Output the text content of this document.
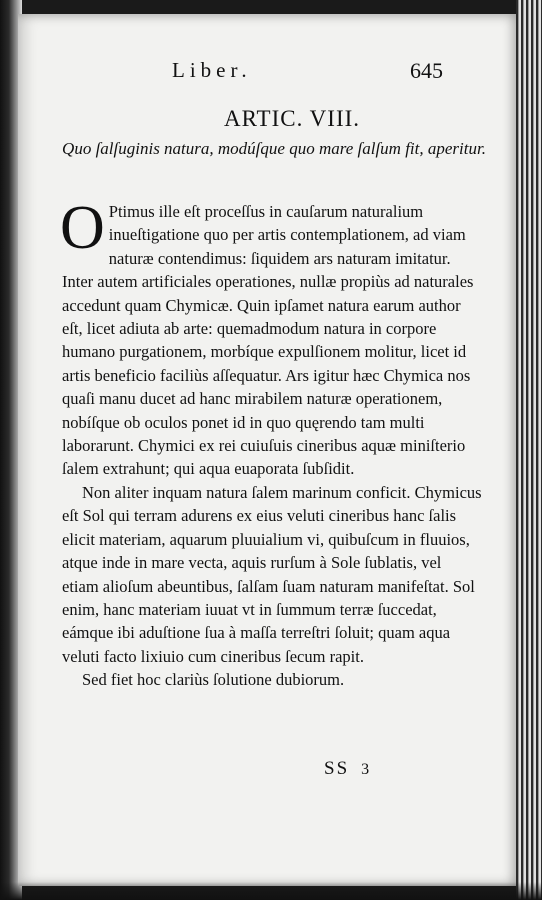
Liber.	645
ARTIC. VIII.
Quo ſalſuginis natura, modúſque quo mare ſalſum fit, aperitur.

O Ptimus ille eſt proceſſus in cauſarum naturalium inueſtigatione quo per artis contemplationem, ad viam naturæ contendimus: ſiquidem ars naturam imitatur. Inter autem artificiales operationes, nullæ propiùs ad naturales accedunt quam Chymicæ. Quin ipſamet natura earum author eſt, licet adiuta ab arte: quemadmodum natura in corpore humano purgationem, morbíque expulſionem molitur, licet id artis beneficio faciliùs aſſequatur. Ars igitur hæc Chymica nos quaſi manu ducet ad hanc mirabilem naturæ operationem, nobíſque ob oculos ponet id in quo quęrendo tam multi laborarunt. Chymici ex rei cuiuſuis cineribus aquæ miniſterio ſalem extrahunt; qui aqua euaporata ſubſidit.

Non aliter inquam natura ſalem marinum conficit. Chymicus eſt Sol qui terram adurens ex eius veluti cineribus hanc ſalis elicit materiam, aquarum pluuialium vi, quibuſcum in fluuios, atque inde in mare vecta, aquis rurſum à Sole ſublatis, vel etiam alioſum abeuntibus, ſalſam ſuam naturam manifeſtat. Sol enim, hanc materiam iuuat vt in ſummum terræ ſuccedat, eámque ibi aduſtione ſua à maſſa terreſtri ſoluit; quam aqua veluti facto lixiuio cum cineribus ſecum rapit.

Sed fiet hoc clariùs ſolutione dubiorum.

SS 3
